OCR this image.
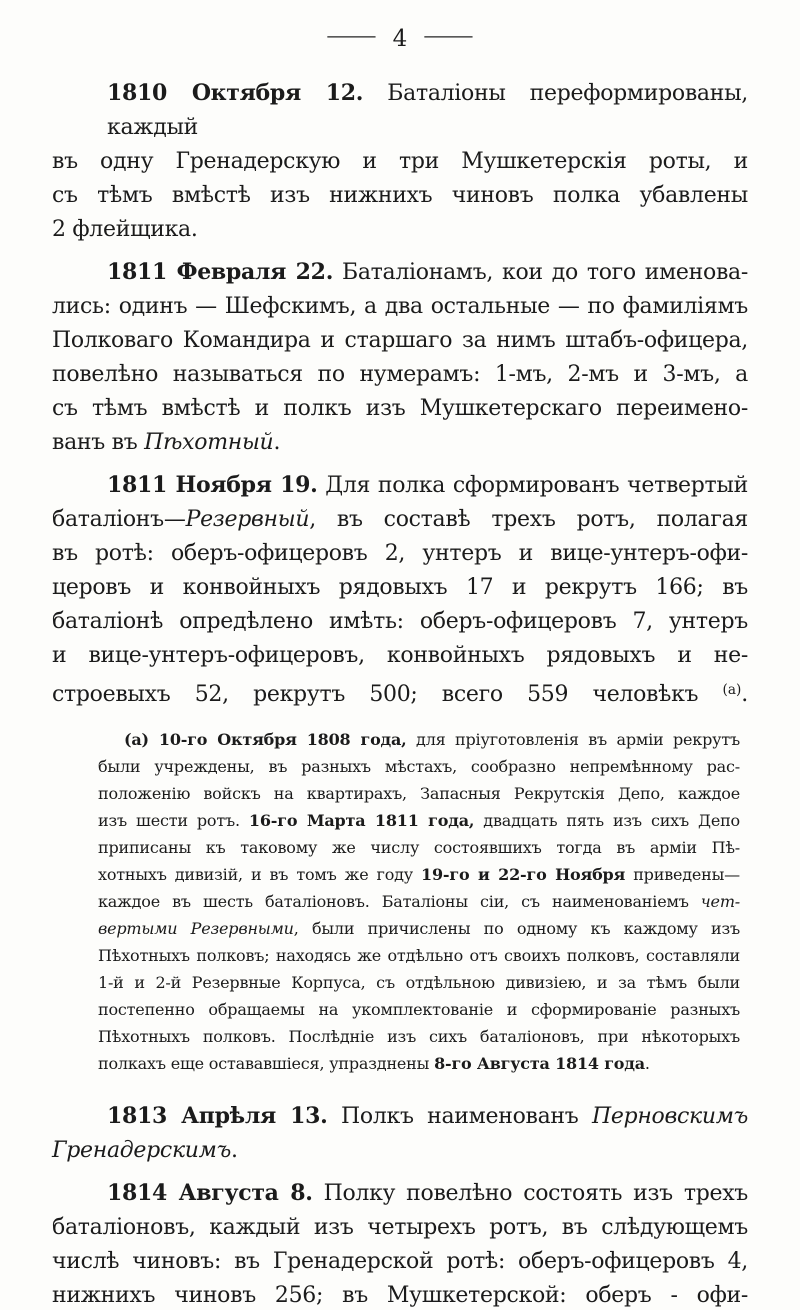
— 4 —
1810 Октября 12. Баталіоны переформированы, каждый
въ одну Гренадерскую и три Мушкетерскія роты, и
съ тѣмъ вмѣстѣ изъ нижнихъ чиновъ полка убавлены
2 флейщика.
1811 Февраля 22. Баталіонамъ, кои до того именова-
лись: одинъ — Шефскимъ, а два остальные — по фамиліямъ
Полковаго Командира и старшаго за нимъ штабъ-офицера,
повелѣно называться по нумерамъ: 1-мъ, 2-мъ и 3-мъ, а
съ тѣмъ вмѣстѣ и полкъ изъ Мушкетерскаго переимено-
ванъ въ Пѣхотный.
1811 Ноября 19. Для полка сформированъ четвертый
баталіонъ—Резервный, въ составѣ трехъ ротъ, полагая
въ ротѣ: оберъ-офицеровъ 2, унтеръ и вице-унтеръ-офи-
церовъ и конвойныхъ рядовыхъ 17 и рекрутъ 166; въ
баталіонѣ опредѣлено имѣть: оберъ-офицеровъ 7, унтеръ
и вице-унтеръ-офицеровъ, конвойныхъ рядовыхъ и не-
строевыхъ 52, рекрутъ 500; всего 559 человѣкъ $^{(а)}$.
(а) 10-го Октября 1808 года, для пріуготовленія въ арміи рекрутъ
были учреждены, въ разныхъ мѣстахъ, сообразно непремѣнному рас-
положенію войскъ на квартирахъ, Запасныя Рекрутскія Депо, каждое
изъ шести ротъ. 16-го Марта 1811 года, двадцать пять изъ сихъ Депо
приписаны къ таковому же числу состоявшихъ тогда въ арміи Пѣ-
хотныхъ дивизій, и въ томъ же году 19-го и 22-го Ноября приведены—
каждое въ шесть баталіоновъ. Баталіоны сіи, съ наименованіемъ чет-
вертыми Резервными, были причислены по одному къ каждому изъ
Пѣхотныхъ полковъ; находясь же отдѣльно отъ своихъ полковъ, составляли
1-й и 2-й Резервные Корпуса, съ отдѣльною дивизіею, и за тѣмъ были
постепенно обращаемы на укомплектованіе и сформированіе разныхъ
Пѣхотныхъ полковъ. Послѣдніе изъ сихъ баталіоновъ, при нѣкоторыхъ
полкахъ еще остававшіеся, упразднены 8-го Августа 1814 года.
1813 Апрѣля 13. Полкъ наименованъ Перновскимъ
Гренадерскимъ.
1814 Августа 8. Полку повелѣно состоять изъ трехъ
баталіоновъ, каждый изъ четырехъ ротъ, въ слѣдующемъ
числѣ чиновъ: въ Гренадерской ротѣ: оберъ-офицеровъ 4,
нижнихъ чиновъ 256; въ Мушкетерской: оберъ - офи-
